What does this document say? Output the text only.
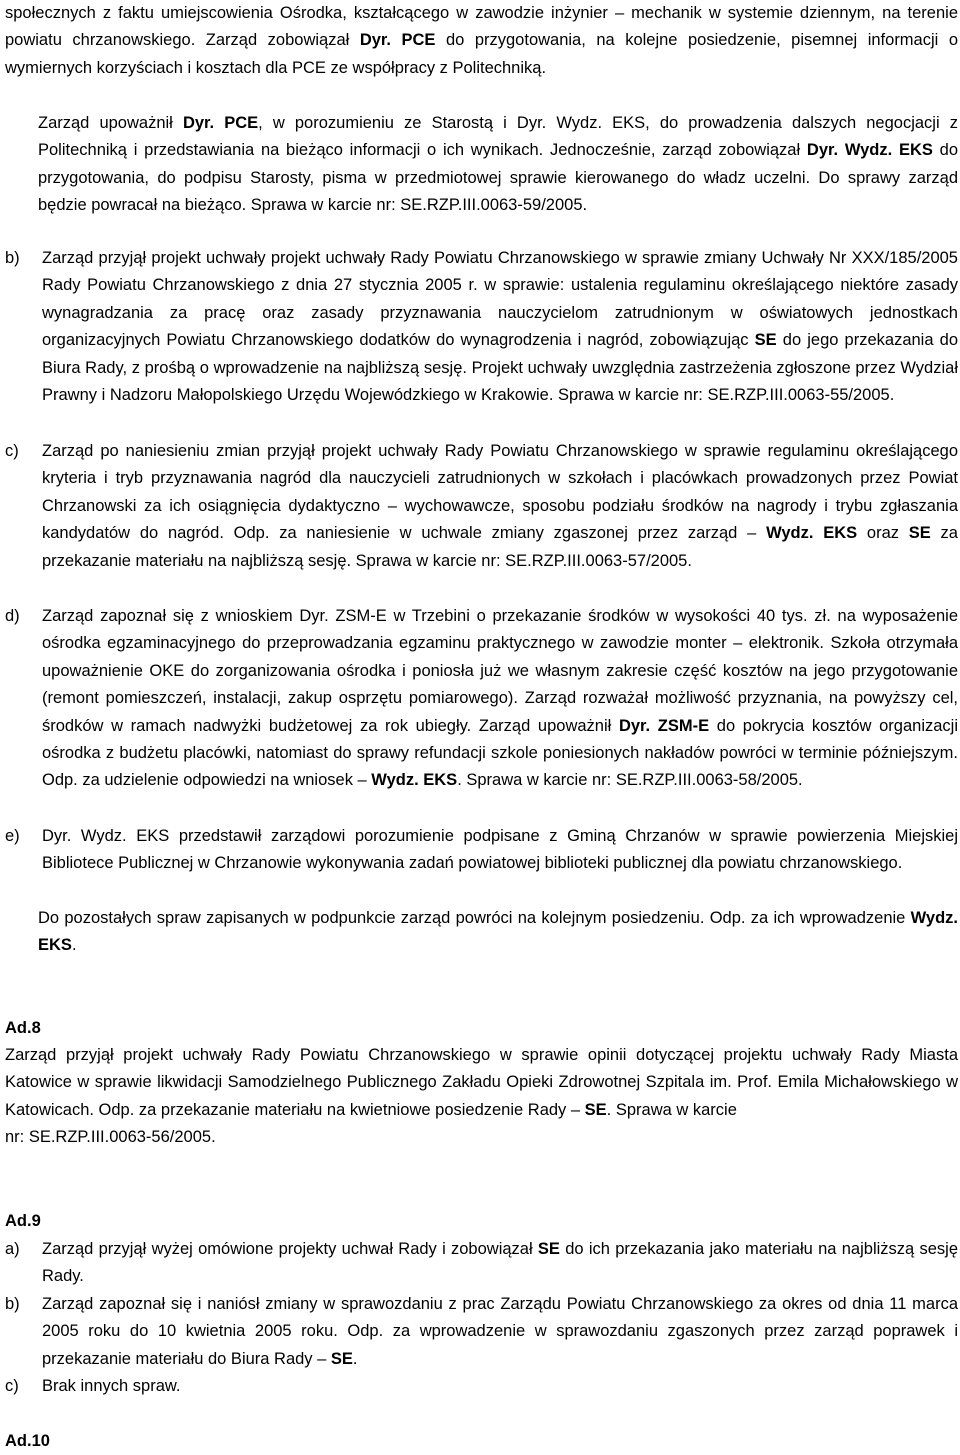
społecznych z faktu umiejscowienia Ośrodka, kształcącego w zawodzie inżynier – mechanik w systemie dziennym, na terenie powiatu chrzanowskiego. Zarząd zobowiązał Dyr. PCE do przygotowania, na kolejne posiedzenie, pisemnej informacji o wymiernych korzyściach i kosztach dla PCE ze współpracy z Politechniką.
Zarząd upoważnił Dyr. PCE, w porozumieniu ze Starostą i Dyr. Wydz. EKS, do prowadzenia dalszych negocjacji z Politechniką i przedstawiania na bieżąco informacji o ich wynikach. Jednocześnie, zarząd zobowiązał Dyr. Wydz. EKS do przygotowania, do podpisu Starosty, pisma w przedmiotowej sprawie kierowanego do władz uczelni. Do sprawy zarząd będzie powracał na bieżąco. Sprawa w karcie nr: SE.RZP.III.0063-59/2005.
b) Zarząd przyjął projekt uchwały projekt uchwały Rady Powiatu Chrzanowskiego w sprawie zmiany Uchwały Nr XXX/185/2005 Rady Powiatu Chrzanowskiego z dnia 27 stycznia 2005 r. w sprawie: ustalenia regulaminu określającego niektóre zasady wynagradzania za pracę oraz zasady przyznawania nauczycielom zatrudnionym w oświatowych jednostkach organizacyjnych Powiatu Chrzanowskiego dodatków do wynagrodzenia i nagród, zobowiązując SE do jego przekazania do Biura Rady, z prośbą o wprowadzenie na najbliższą sesję. Projekt uchwały uwzględnia zastrzeżenia zgłoszone przez Wydział Prawny i Nadzoru Małopolskiego Urzędu Wojewódzkiego w Krakowie. Sprawa w karcie nr: SE.RZP.III.0063-55/2005.
c) Zarząd po naniesieniu zmian przyjął projekt uchwały Rady Powiatu Chrzanowskiego w sprawie regulaminu określającego kryteria i tryb przyznawania nagród dla nauczycieli zatrudnionych w szkołach i placówkach prowadzonych przez Powiat Chrzanowski za ich osiągnięcia dydaktyczno – wychowawcze, sposobu podziału środków na nagrody i trybu zgłaszania kandydatów do nagród. Odp. za naniesienie w uchwale zmiany zgaszonej przez zarząd – Wydz. EKS oraz SE za przekazanie materiału na najbliższą sesję. Sprawa w karcie nr: SE.RZP.III.0063-57/2005.
d) Zarząd zapoznał się z wnioskiem Dyr. ZSM-E w Trzebini o przekazanie środków w wysokości 40 tys. zł. na wyposażenie ośrodka egzaminacyjnego do przeprowadzania egzaminu praktycznego w zawodzie monter – elektronik. Szkoła otrzymała upoważnienie OKE do zorganizowania ośrodka i poniosła już we własnym zakresie część kosztów na jego przygotowanie (remont pomieszczeń, instalacji, zakup osprzętu pomiarowego). Zarząd rozważał możliwość przyznania, na powyższy cel, środków w ramach nadwyżki budżetowej za rok ubiegły. Zarząd upoważnił Dyr. ZSM-E do pokrycia kosztów organizacji ośrodka z budżetu placówki, natomiast do sprawy refundacji szkole poniesionych nakładów powróci w terminie późniejszym. Odp. za udzielenie odpowiedzi na wniosek – Wydz. EKS. Sprawa w karcie nr: SE.RZP.III.0063-58/2005.
e) Dyr. Wydz. EKS przedstawił zarządowi porozumienie podpisane z Gminą Chrzanów w sprawie powierzenia Miejskiej Bibliotece Publicznej w Chrzanowie wykonywania zadań powiatowej biblioteki publicznej dla powiatu chrzanowskiego.
Do pozostałych spraw zapisanych w podpunkcie zarząd powróci na kolejnym posiedzeniu. Odp. za ich wprowadzenie Wydz. EKS.
Ad.8
Zarząd przyjął projekt uchwały Rady Powiatu Chrzanowskiego w sprawie opinii dotyczącej projektu uchwały Rady Miasta Katowice w sprawie likwidacji Samodzielnego Publicznego Zakładu Opieki Zdrowotnej Szpitala im. Prof. Emila Michałowskiego w Katowicach. Odp. za przekazanie materiału na kwietniowe posiedzenie Rady – SE. Sprawa w karcie
nr: SE.RZP.III.0063-56/2005.
Ad.9
a) Zarząd przyjął wyżej omówione projekty uchwał Rady i zobowiązał SE do ich przekazania jako materiału na najbliższą sesję Rady.
b) Zarząd zapoznał się i naniósł zmiany w sprawozdaniu z prac Zarządu Powiatu Chrzanowskiego za okres od dnia 11 marca 2005 roku do 10 kwietnia 2005 roku. Odp. za wprowadzenie w sprawozdaniu zgaszonych przez zarząd poprawek i przekazanie materiału do Biura Rady – SE.
c) Brak innych spraw.
Ad.10
